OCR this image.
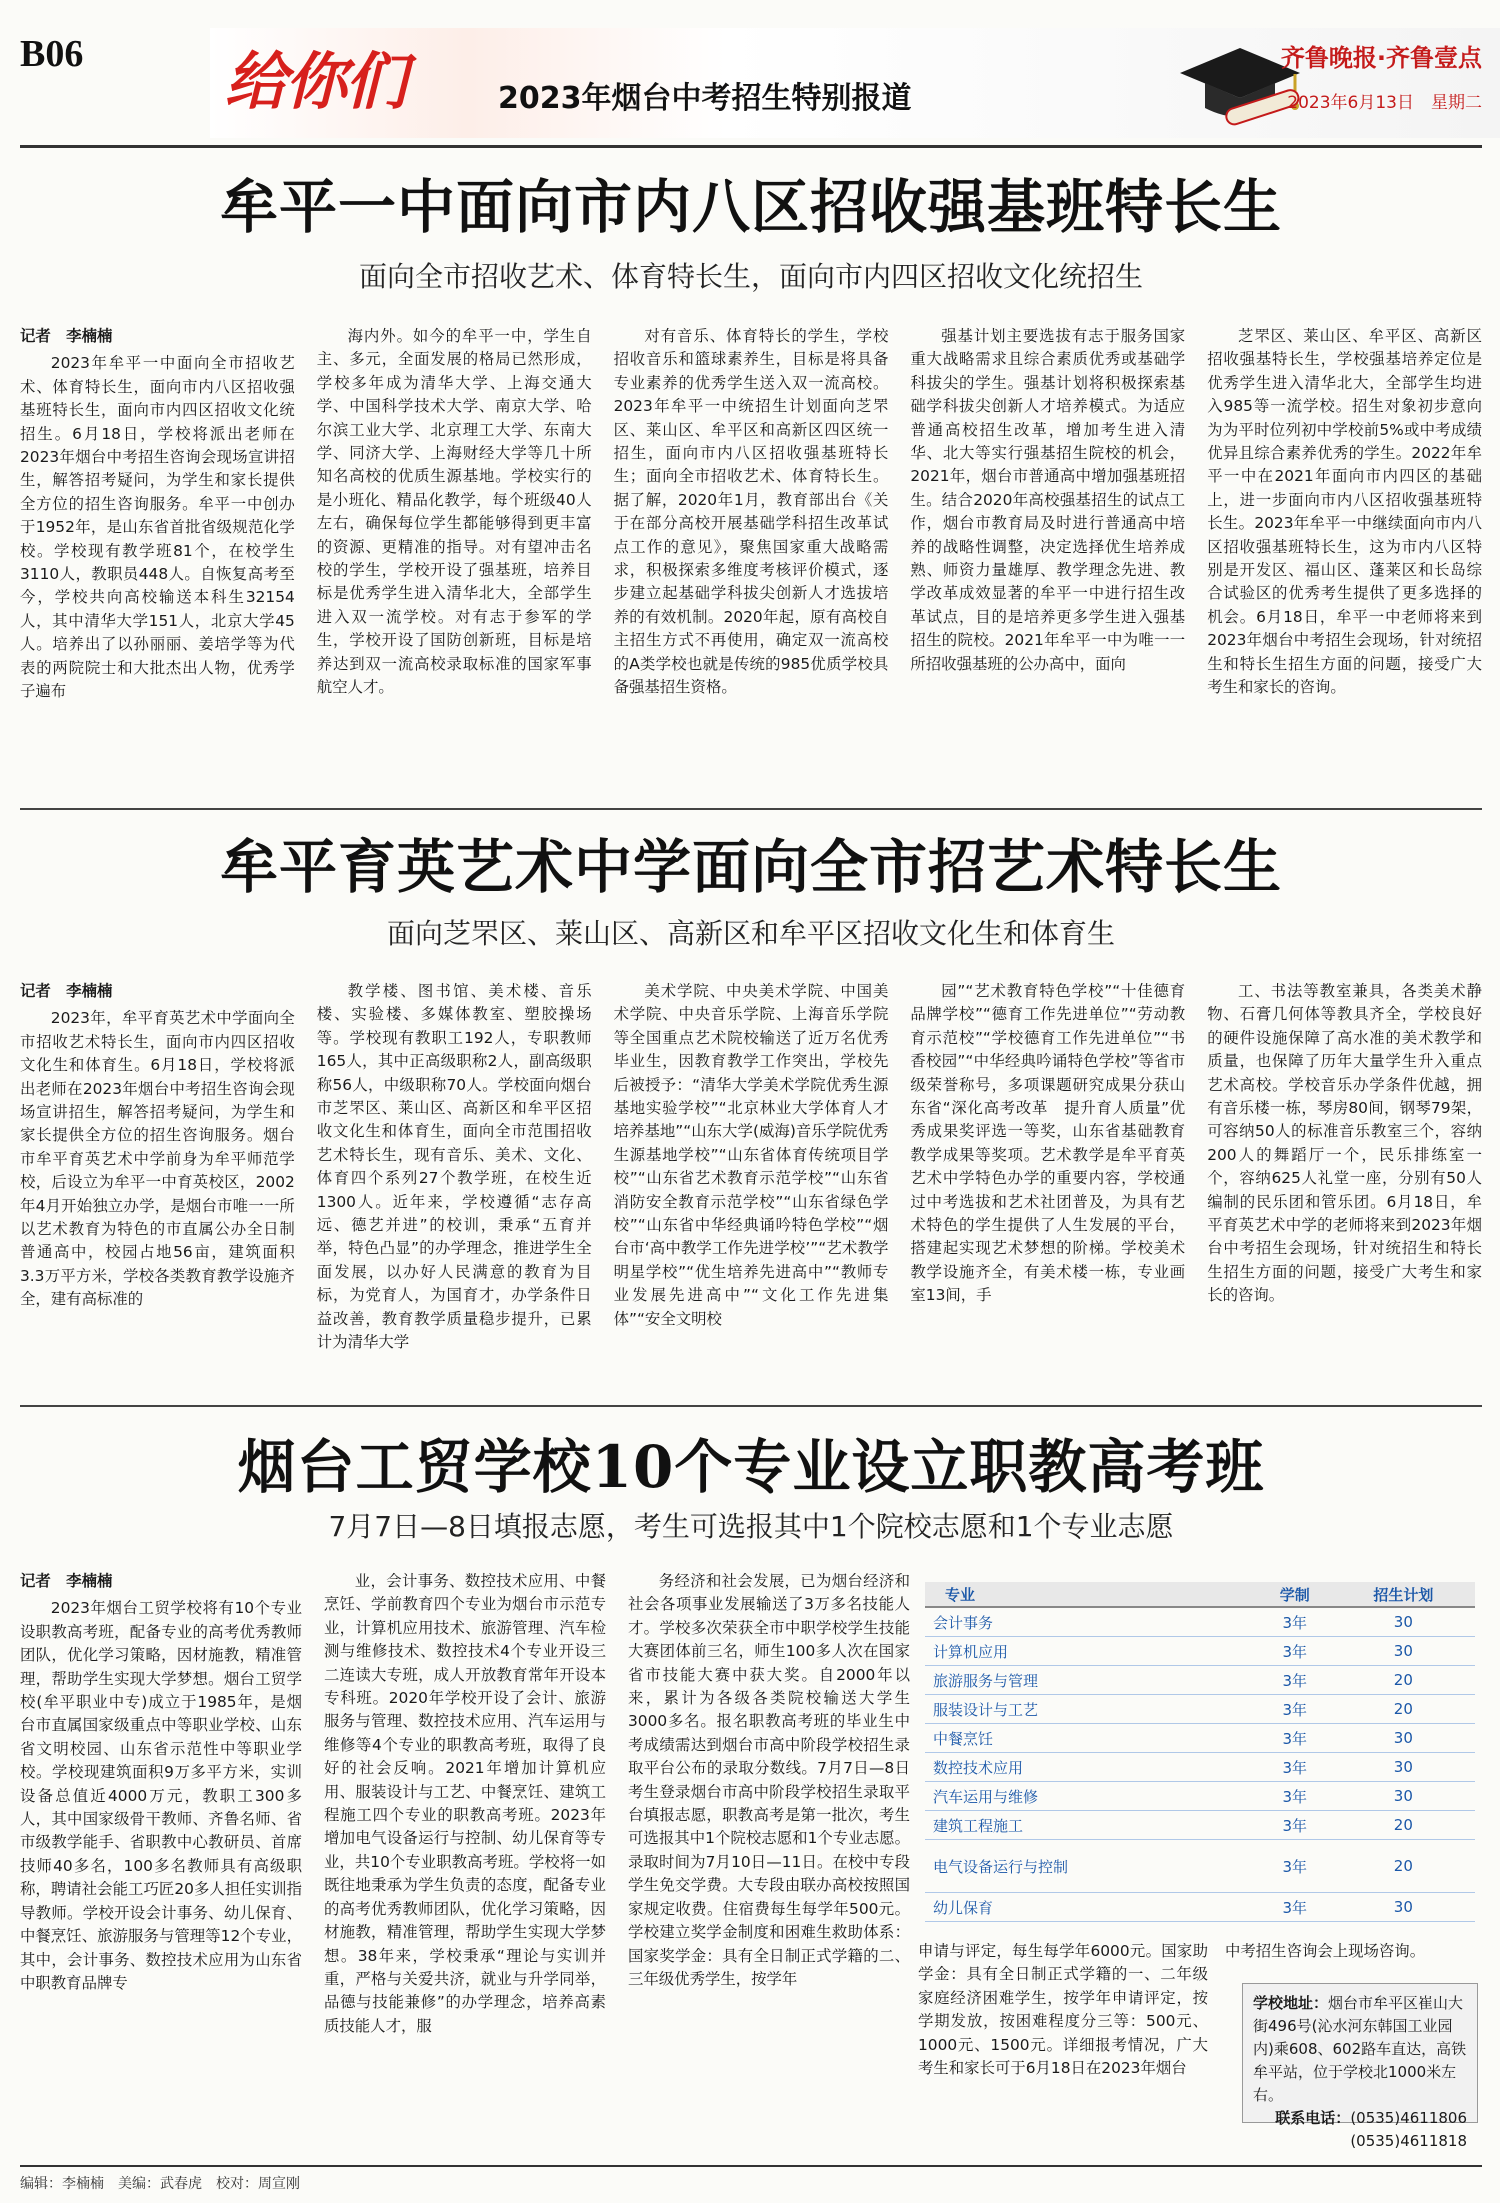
B06 给你们	2023年烟台中考招生特别报道
齐鲁晚报·齐鲁壹点
2023年6月13日　星期二
牟平一中面向市内八区招收强基班特长生
面向全市招收艺术、体育特长生，面向市内四区招收文化统招生

记者　李楠楠

2023年牟平一中面向全市招收艺术、体育特长生，面向市内八区招收强基班特长生，面向市内四区招收文化统招生。6月18日，学校将派出老师在2023年烟台中考招生咨询会现场宣讲招生，解答招考疑问，为学生和家长提供全方位的招生咨询服务。牟平一中创办于1952年，是山东省首批省级规范化学校。学校现有教学班81个，在校学生3110人，教职员448人。自恢复高考至今，学校共向高校输送本科生32154人，其中清华大学151人，北京大学45人。培养出了以孙丽丽、姜培学等为代表的两院院士和大批杰出人物，优秀学子遍布

海内外。如今的牟平一中，学生自主、多元，全面发展的格局已然形成，学校多年成为清华大学、上海交通大学、中国科学技术大学、南京大学、哈尔滨工业大学、北京理工大学、东南大学、同济大学、上海财经大学等几十所知名高校的优质生源基地。学校实行的是小班化、精品化教学，每个班级40人左右，确保每位学生都能够得到更丰富的资源、更精准的指导。对有望冲击名校的学生，学校开设了强基班，培养目标是优秀学生进入清华北大，全部学生进入双一流学校。对有志于参军的学生，学校开设了国防创新班，目标是培养达到双一流高校录取标准的国家军事航空人才。

对有音乐、体育特长的学生，学校招收音乐和篮球素养生，目标是将具备专业素养的优秀学生送入双一流高校。2023年牟平一中统招生计划面向芝罘区、莱山区、牟平区和高新区四区统一招生，面向市内八区招收强基班特长生；面向全市招收艺术、体育特长生。据了解，2020年1月，教育部出台《关于在部分高校开展基础学科招生改革试点工作的意见》，聚焦国家重大战略需求，积极探索多维度考核评价模式，逐步建立起基础学科拔尖创新人才选拔培养的有效机制。2020年起，原有高校自主招生方式不再使用，确定双一流高校的A类学校也就是传统的985优质学校具备强基招生资格。

强基计划主要选拔有志于服务国家重大战略需求且综合素质优秀或基础学科拔尖的学生。强基计划将积极探索基础学科拔尖创新人才培养模式。为适应普通高校招生改革，增加考生进入清华、北大等实行强基招生院校的机会，2021年，烟台市普通高中增加强基班招生。结合2020年高校强基招生的试点工作，烟台市教育局及时进行普通高中培养的战略性调整，决定选择优生培养成熟、师资力量雄厚、教学理念先进、教学改革成效显著的牟平一中进行招生改革试点，目的是培养更多学生进入强基招生的院校。2021年牟平一中为唯一一所招收强基班的公办高中，面向

芝罘区、莱山区、牟平区、高新区招收强基特长生，学校强基培养定位是优秀学生进入清华北大，全部学生均进入985等一流学校。招生对象初步意向为为平时位列初中学校前5%或中考成绩优异且综合素养优秀的学生。2022年牟平一中在2021年面向市内四区的基础上，进一步面向市内八区招收强基班特长生。2023年牟平一中继续面向市内八区招收强基班特长生，这为市内八区特别是开发区、福山区、蓬莱区和长岛综合试验区的优秀考生提供了更多选择的机会。6月18日，牟平一中老师将来到2023年烟台中考招生会现场，针对统招生和特长生招生方面的问题，接受广大考生和家长的咨询。

牟平育英艺术中学面向全市招艺术特长生
面向芝罘区、莱山区、高新区和牟平区招收文化生和体育生

记者　李楠楠

2023年，牟平育英艺术中学面向全市招收艺术特长生，面向市内四区招收文化生和体育生。6月18日，学校将派出老师在2023年烟台中考招生咨询会现场宣讲招生，解答招考疑问，为学生和家长提供全方位的招生咨询服务。烟台市牟平育英艺术中学前身为牟平师范学校，后设立为牟平一中育英校区，2002年4月开始独立办学，是烟台市唯一一所以艺术教育为特色的市直属公办全日制普通高中，校园占地56亩，建筑面积3.3万平方米，学校各类教育教学设施齐全，建有高标准的

教学楼、图书馆、美术楼、音乐楼、实验楼、多媒体教室、塑胶操场等。学校现有教职工192人，专职教师165人，其中正高级职称2人，副高级职称56人，中级职称70人。学校面向烟台市芝罘区、莱山区、高新区和牟平区招收文化生和体育生，面向全市范围招收艺术特长生，现有音乐、美术、文化、体育四个系列27个教学班，在校生近1300人。近年来，学校遵循“志存高远、德艺并进”的校训，秉承“五育并举，特色凸显”的办学理念，推进学生全面发展，以办好人民满意的教育为目标，为党育人，为国育才，办学条件日益改善，教育教学质量稳步提升，已累计为清华大学

美术学院、中央美术学院、中国美术学院、中央音乐学院、上海音乐学院等全国重点艺术院校输送了近万名优秀毕业生，因教育教学工作突出，学校先后被授予：“清华大学美术学院优秀生源基地实验学校”“北京林业大学体育人才培养基地”“山东大学(威海)音乐学院优秀生源基地学校”“山东省体育传统项目学校”“山东省艺术教育示范学校”“山东省消防安全教育示范学校”“山东省绿色学校”“山东省中华经典诵吟特色学校”“烟台市‘高中教学工作先进学校’”“艺术教学明星学校”“优生培养先进高中”“教师专业发展先进高中”“文化工作先进集体”“安全文明校

园”“艺术教育特色学校”“十佳德育品牌学校”“德育工作先进单位”“劳动教育示范校”“学校德育工作先进单位”“书香校园”“中华经典吟诵特色学校”等省市级荣誉称号，多项课题研究成果分获山东省“深化高考改革　提升育人质量”优秀成果奖评选一等奖，山东省基础教育教学成果等奖项。艺术教学是牟平育英艺术中学特色办学的重要内容，学校通过中考选拔和艺术社团普及，为具有艺术特色的学生提供了人生发展的平台，搭建起实现艺术梦想的阶梯。学校美术教学设施齐全，有美术楼一栋，专业画室13间，手

工、书法等教室兼具，各类美术静物、石膏几何体等教具齐全，学校良好的硬件设施保障了高水准的美术教学和质量，也保障了历年大量学生升入重点艺术高校。学校音乐办学条件优越，拥有音乐楼一栋，琴房80间，钢琴79架，可容纳50人的标准音乐教室三个，容纳200人的舞蹈厅一个，民乐排练室一个，容纳625人礼堂一座，分别有50人编制的民乐团和管乐团。6月18日，牟平育英艺术中学的老师将来到2023年烟台中考招生会现场，针对统招生和特长生招生方面的问题，接受广大考生和家长的咨询。

烟台工贸学校10个专业设立职教高考班
7月7日—8日填报志愿，考生可选报其中1个院校志愿和1个专业志愿

记者　李楠楠

2023年烟台工贸学校将有10个专业设职教高考班，配备专业的高考优秀教师团队，优化学习策略，因材施教，精准管理，帮助学生实现大学梦想。烟台工贸学校(牟平职业中专)成立于1985年，是烟台市直属国家级重点中等职业学校、山东省文明校园、山东省示范性中等职业学校。学校现建筑面积9万多平方米，实训设备总值近4000万元，教职工300多人，其中国家级骨干教师、齐鲁名师、省市级教学能手、省职教中心教研员、首席技师40多名，100多名教师具有高级职称，聘请社会能工巧匠20多人担任实训指导教师。学校开设会计事务、幼儿保育、中餐烹饪、旅游服务与管理等12个专业，其中，会计事务、数控技术应用为山东省中职教育品牌专

业，会计事务、数控技术应用、中餐烹饪、学前教育四个专业为烟台市示范专业，计算机应用技术、旅游管理、汽车检测与维修技术、数控技术4个专业开设三二连读大专班，成人开放教育常年开设本专科班。2020年学校开设了会计、旅游服务与管理、数控技术应用、汽车运用与维修等4个专业的职教高考班，取得了良好的社会反响。2021年增加计算机应用、服装设计与工艺、中餐烹饪、建筑工程施工四个专业的职教高考班。2023年增加电气设备运行与控制、幼儿保育等专业，共10个专业职教高考班。学校将一如既往地秉承为学生负责的态度，配备专业的高考优秀教师团队，优化学习策略，因材施教，精准管理，帮助学生实现大学梦想。38年来，学校秉承“理论与实训并重，严格与关爱共济，就业与升学同举，品德与技能兼修”的办学理念，培养高素质技能人才，服

务经济和社会发展，已为烟台经济和社会各项事业发展输送了3万多名技能人才。学校多次荣获全市中职学校学生技能大赛团体前三名，师生100多人次在国家省市技能大赛中获大奖。自2000年以来，累计为各级各类院校输送大学生3000多名。报名职教高考班的毕业生中考成绩需达到烟台市高中阶段学校招生录取平台公布的录取分数线。7月7日—8日考生登录烟台市高中阶段学校招生录取平台填报志愿，职教高考是第一批次，考生可选报其中1个院校志愿和1个专业志愿。录取时间为7月10日—11日。在校中专段学生免交学费。大专段由联办高校按照国家规定收费。住宿费每生每学年500元。学校建立奖学金制度和困难生救助体系：国家奖学金：具有全日制正式学籍的二、三年级优秀学生，按学年

专业	学制	招生计划
会计事务	3年	30
计算机应用	3年	30
旅游服务与管理	3年	20
服装设计与工艺	3年	20
中餐烹饪	3年	30
数控技术应用	3年	30
汽车运用与维修	3年	30
建筑工程施工	3年	20
电气设备运行与控制	3年	20
幼儿保育	3年	30

申请与评定，每生每学年6000元。国家助学金：具有全日制正式学籍的一、二年级家庭经济困难学生，按学年申请评定，按学期发放，按困难程度分三等：500元、1000元、1500元。详细报考情况，广大考生和家长可于6月18日在2023年烟台

中考招生咨询会上现场咨询。

学校地址：烟台市牟平区崔山大街496号(沁水河东韩国工业园内)乘608、602路车直达，高铁牟平站，位于学校北1000米左右。
联系电话：(0535)4611806　(0535)4611818
编辑：李楠楠　美编：武春虎　校对：周宣刚
